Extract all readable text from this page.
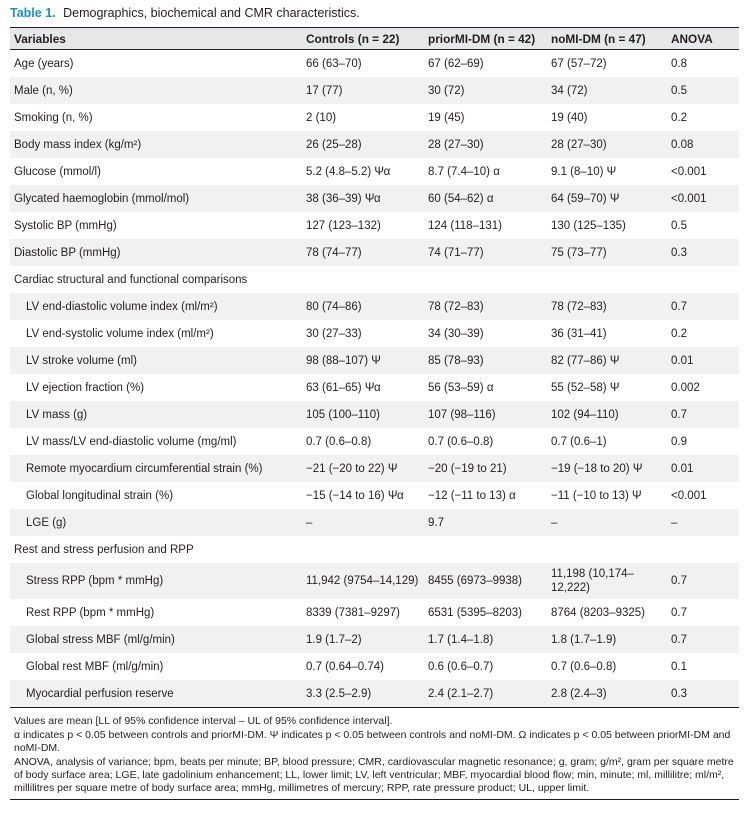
Table 1. Demographics, biochemical and CMR characteristics.
Variables	Controls (n = 22)	priorMI-DM (n = 42)	noMI-DM (n = 47)	ANOVA
Age (years)	66 (63–70)	67 (62–69)	67 (57–72)	0.8
Male (n, %)	17 (77)	30 (72)	34 (72)	0.5
Smoking (n, %)	2 (10)	19 (45)	19 (40)	0.2
Body mass index (kg/m²)	26 (25–28)	28 (27–30)	28 (27–30)	0.08
Glucose (mmol/l)	5.2 (4.8–5.2) Ψα	8.7 (7.4–10) α	9.1 (8–10) Ψ	<0.001
Glycated haemoglobin (mmol/mol)	38 (36–39) Ψα	60 (54–62) α	64 (59–70) Ψ	<0.001
Systolic BP (mmHg)	127 (123–132)	124 (118–131)	130 (125–135)	0.5
Diastolic BP (mmHg)	78 (74–77)	74 (71–77)	75 (73–77)	0.3
Cardiac structural and functional comparisons				
LV end-diastolic volume index (ml/m²)	80 (74–86)	78 (72–83)	78 (72–83)	0.7
LV end-systolic volume index (ml/m²)	30 (27–33)	34 (30–39)	36 (31–41)	0.2
LV stroke volume (ml)	98 (88–107) Ψ	85 (78–93)	82 (77–86) Ψ	0.01
LV ejection fraction (%)	63 (61–65) Ψα	56 (53–59) α	55 (52–58) Ψ	0.002
LV mass (g)	105 (100–110)	107 (98–116)	102 (94–110)	0.7
LV mass/LV end-diastolic volume (mg/ml)	0.7 (0.6–0.8)	0.7 (0.6–0.8)	0.7 (0.6–1)	0.9
Remote myocardium circumferential strain (%)	−21 (−20 to 22) Ψ	−20 (−19 to 21)	−19 (−18 to 20) Ψ	0.01
Global longitudinal strain (%)	−15 (−14 to 16) Ψα	−12 (−11 to 13) α	−11 (−10 to 13) Ψ	<0.001
LGE (g)	–	9.7	–	–
Rest and stress perfusion and RPP				
Stress RPP (bpm * mmHg)	11,942 (9754–14,129)	8455 (6973–9938)	11,198 (10,174–12,222)	0.7
Rest RPP (bpm * mmHg)	8339 (7381–9297)	6531 (5395–8203)	8764 (8203–9325)	0.7
Global stress MBF (ml/g/min)	1.9 (1.7–2)	1.7 (1.4–1.8)	1.8 (1.7–1.9)	0.7
Global rest MBF (ml/g/min)	0.7 (0.64–0.74)	0.6 (0.6–0.7)	0.7 (0.6–0.8)	0.1
Myocardial perfusion reserve	3.3 (2.5–2.9)	2.4 (2.1–2.7)	2.8 (2.4–3)	0.3

Values are mean [LL of 95% confidence interval – UL of 95% confidence interval].

α indicates p < 0.05 between controls and priorMI-DM. Ψ indicates p < 0.05 between controls and noMI-DM. Ω indicates p < 0.05 between priorMI-DM and noMI-DM.

ANOVA, analysis of variance; bpm, beats per minute; BP, blood pressure; CMR, cardiovascular magnetic resonance; g, gram; g/m², gram per square metre of body surface area; LGE, late gadolinium enhancement; LL, lower limit; LV, left ventricular; MBF, myocardial blood flow; min, minute; ml, millilitre; ml/m², millilitres per square metre of body surface area; mmHg, millimetres of mercury; RPP, rate pressure product; UL, upper limit.
